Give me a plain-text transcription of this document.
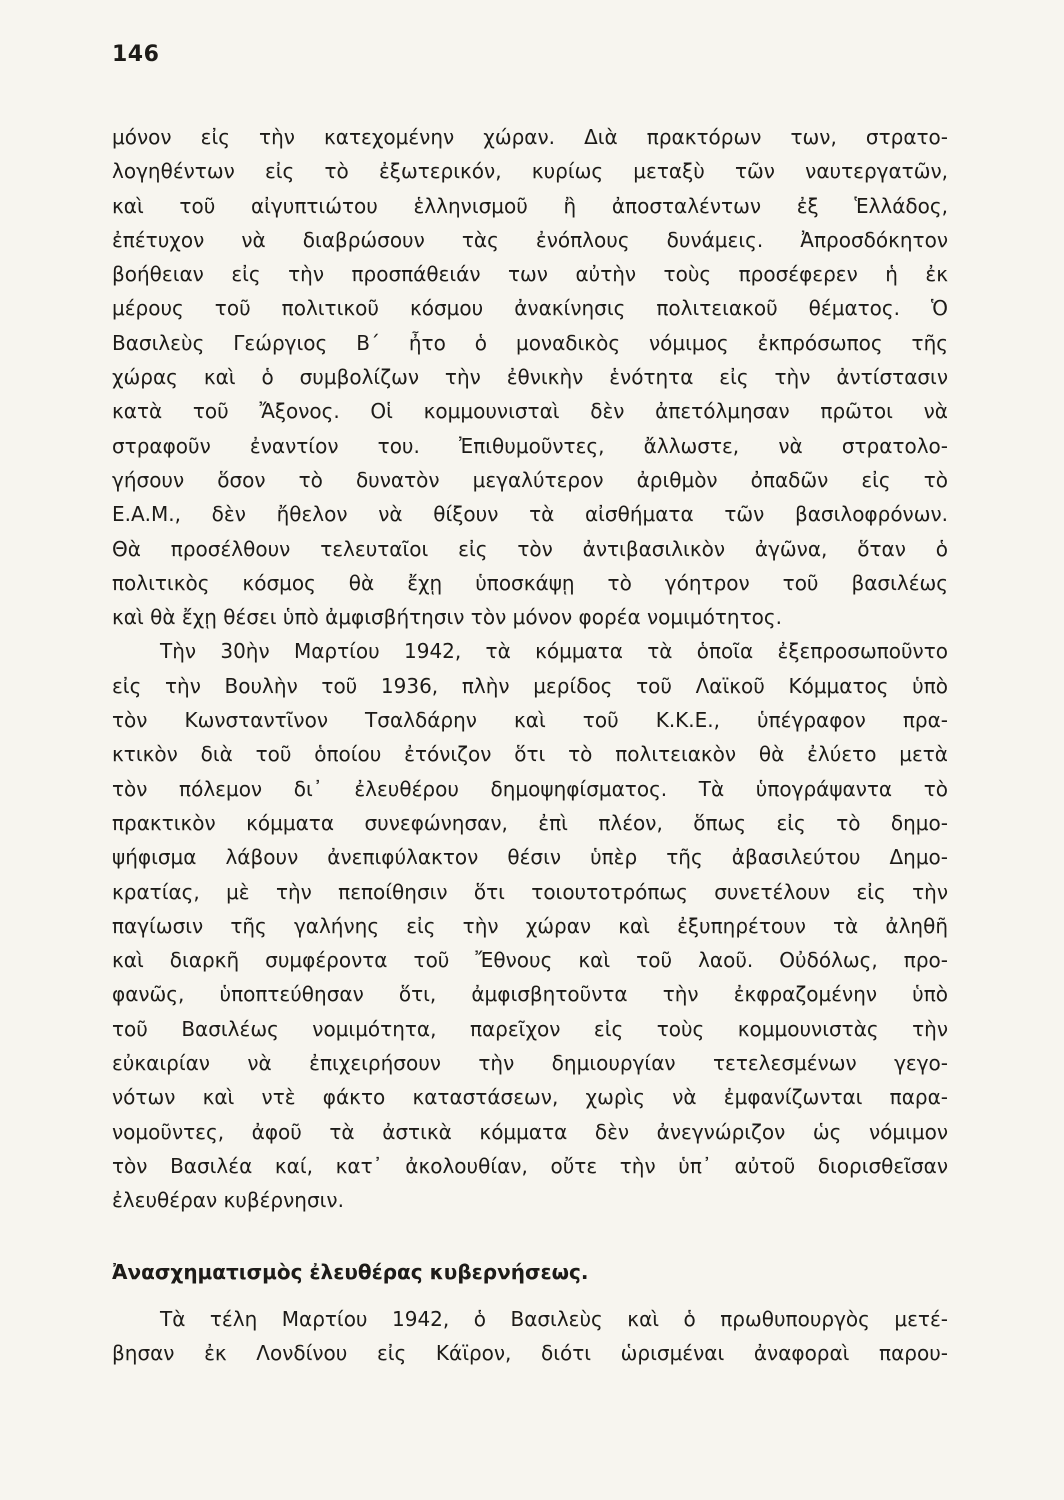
146
μόνον εἰς τὴν κατεχομένην χώραν. Διὰ πρακτόρων των, στρατο-
λογηθέντων εἰς τὸ ἐξωτερικόν, κυρίως μεταξὺ τῶν ναυτεργατῶν,
καὶ τοῦ αἰγυπτιώτου ἑλληνισμοῦ ἢ ἀποσταλέντων ἐξ Ἑλλάδος,
ἐπέτυχον νὰ διαβρώσουν τὰς ἐνόπλους δυνάμεις. Ἀπροσδόκητον
βοήθειαν εἰς τὴν προσπάθειάν των αὐτὴν τοὺς προσέφερεν ἡ ἐκ
μέρους τοῦ πολιτικοῦ κόσμου ἀνακίνησις πολιτειακοῦ θέματος. Ὁ
Βασιλεὺς Γεώργιος Β΄ ἦτο ὁ μοναδικὸς νόμιμος ἐκπρόσωπος τῆς
χώρας καὶ ὁ συμβολίζων τὴν ἐθνικὴν ἑνότητα εἰς τὴν ἀντίστασιν
κατὰ τοῦ Ἄξονος. Οἱ κομμουνισταὶ δὲν ἀπετόλμησαν πρῶτοι νὰ
στραφοῦν ἐναντίον του. Ἐπιθυμοῦντες, ἄλλωστε, νὰ στρατολο-
γήσουν ὅσον τὸ δυνατὸν μεγαλύτερον ἀριθμὸν ὀπαδῶν εἰς τὸ
Ε.Α.Μ., δὲν ἤθελον νὰ θίξουν τὰ αἰσθήματα τῶν βασιλοφρόνων.
Θὰ προσέλθουν τελευταῖοι εἰς τὸν ἀντιβασιλικὸν ἀγῶνα, ὅταν ὁ
πολιτικὸς κόσμος θὰ ἔχῃ ὑποσκάψῃ τὸ γόητρον τοῦ βασιλέως
καὶ θὰ ἔχῃ θέσει ὑπὸ ἀμφισβήτησιν τὸν μόνον φορέα νομιμότητος.
Τὴν 30ὴν Μαρτίου 1942, τὰ κόμματα τὰ ὁποῖα ἐξεπροσωποῦντο
εἰς τὴν Βουλὴν τοῦ 1936, πλὴν μερίδος τοῦ Λαϊκοῦ Κόμματος ὑπὸ
τὸν Κωνσταντῖνον Τσαλδάρην καὶ τοῦ Κ.Κ.Ε., ὑπέγραφον πρα-
κτικὸν διὰ τοῦ ὁποίου ἐτόνιζον ὅτι τὸ πολιτειακὸν θὰ ἐλύετο μετὰ
τὸν πόλεμον δι᾽ ἐλευθέρου δημοψηφίσματος. Τὰ ὑπογράψαντα τὸ
πρακτικὸν κόμματα συνεφώνησαν, ἐπὶ πλέον, ὅπως εἰς τὸ δημο-
ψήφισμα λάβουν ἀνεπιφύλακτον θέσιν ὑπὲρ τῆς ἀβασιλεύτου Δημο-
κρατίας, μὲ τὴν πεποίθησιν ὅτι τοιουτοτρόπως συνετέλουν εἰς τὴν
παγίωσιν τῆς γαλήνης εἰς τὴν χώραν καὶ ἐξυπηρέτουν τὰ ἀληθῆ
καὶ διαρκῆ συμφέροντα τοῦ Ἔθνους καὶ τοῦ λαοῦ. Οὐδόλως, προ-
φανῶς, ὑποπτεύθησαν ὅτι, ἀμφισβητοῦντα τὴν ἐκφραζομένην ὑπὸ
τοῦ Βασιλέως νομιμότητα, παρεῖχον εἰς τοὺς κομμουνιστὰς τὴν
εὐκαιρίαν νὰ ἐπιχειρήσουν τὴν δημιουργίαν τετελεσμένων γεγο-
νότων καὶ ντὲ φάκτο καταστάσεων, χωρὶς νὰ ἐμφανίζωνται παρα-
νομοῦντες, ἀφοῦ τὰ ἀστικὰ κόμματα δὲν ἀνεγνώριζον ὡς νόμιμον
τὸν Βασιλέα καί, κατ᾽ ἀκολουθίαν, οὔτε τὴν ὑπ᾽ αὐτοῦ διορισθεῖσαν
ἐλευθέραν κυβέρνησιν.
Ἀνασχηματισμὸς ἐλευθέρας κυβερνήσεως.
Τὰ τέλη Μαρτίου 1942, ὁ Βασιλεὺς καὶ ὁ πρωθυπουργὸς μετέ-
βησαν ἐκ Λονδίνου εἰς Κάϊρον, διότι ὡρισμέναι ἀναφοραὶ παρου-
